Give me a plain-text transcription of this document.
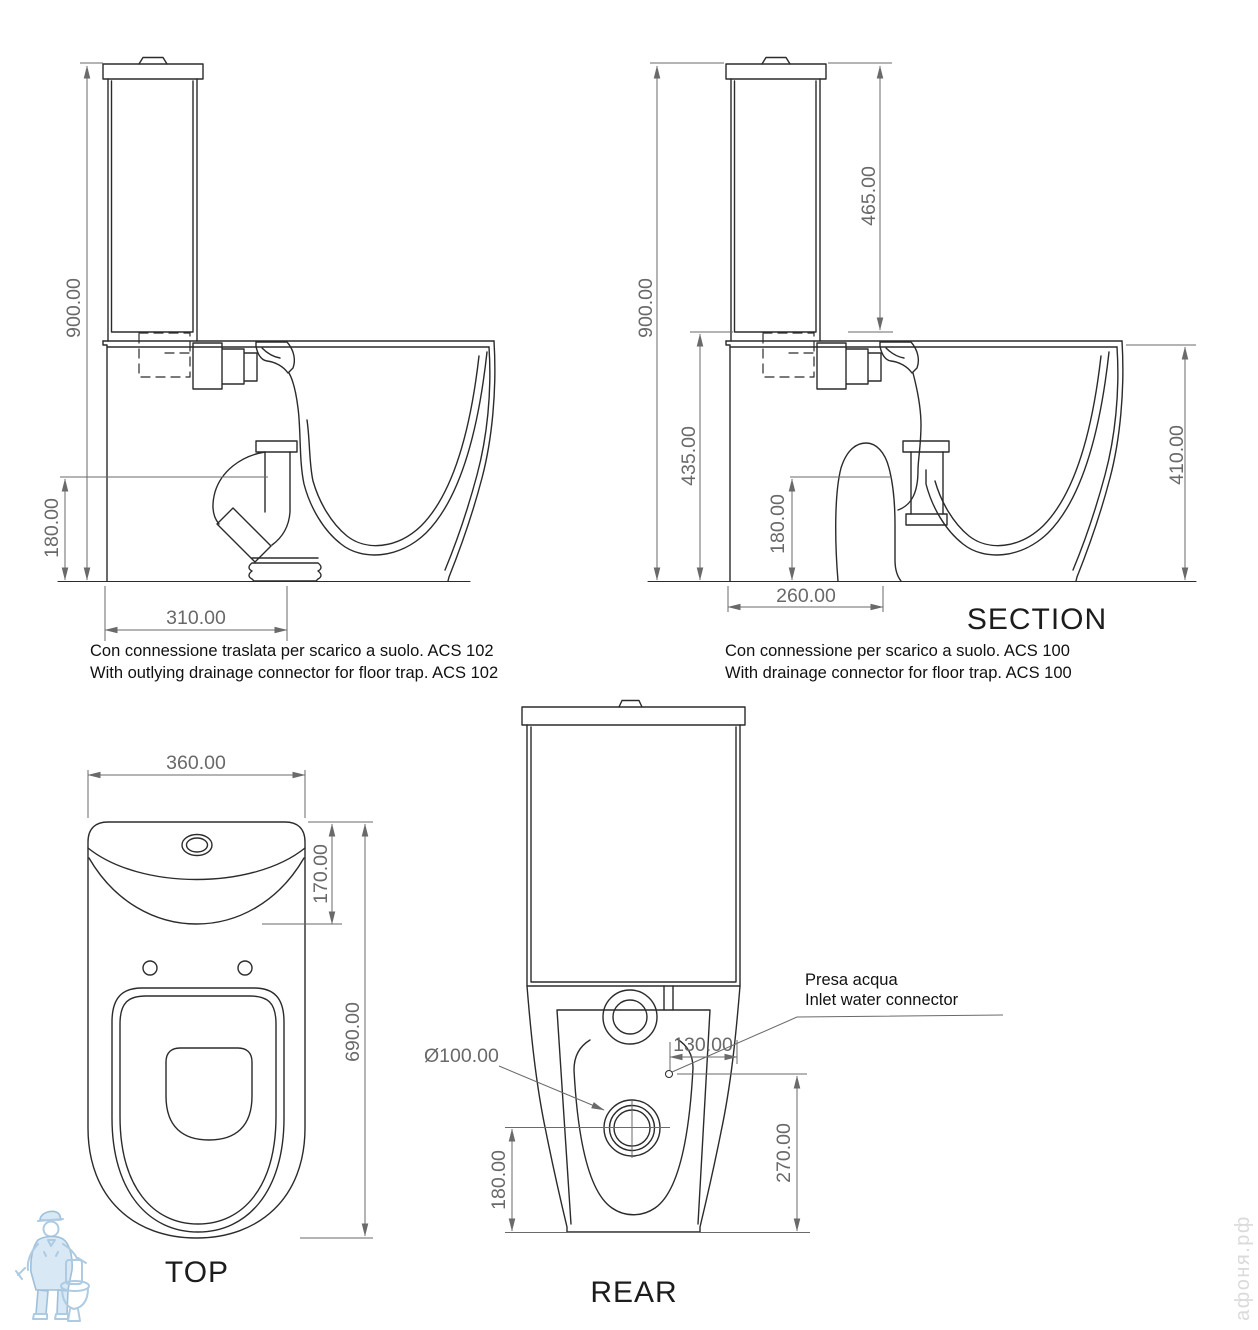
900.00
180.00
310.00
Con connessione traslata per scarico a suolo. ACS 102
With outlying drainage connector for floor trap. ACS 102
900.00
465.00
435.00
180.00
410.00
260.00
SECTION
Con connessione per scarico a suolo. ACS 100
With drainage connector for floor trap. ACS 100
360.00
170.00
690.00
TOP
130.00
180.00	270.00
Ø100.00
Presa acqua
Inlet water connector
REAR	афоня.рф
